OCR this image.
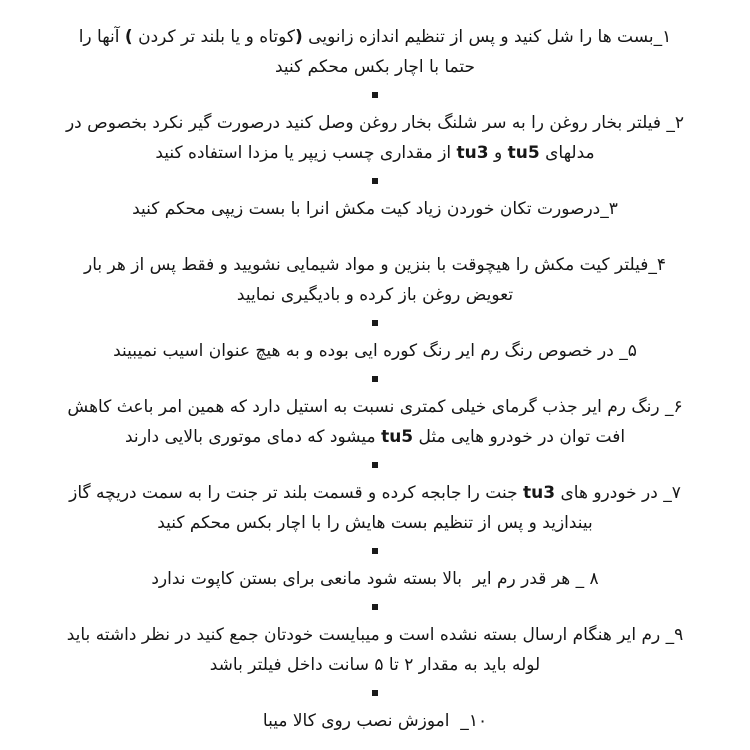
۱_بست ها را شل کنید و پس از تنظیم اندازه زانویی (کوتاه و یا بلند تر کردن ) آنها را

حتما با اچار بکس محکم کنید

۲_ فیلتر بخار روغن را به سر شلنگ بخار روغن وصل کنید درصورت گیر نکرد بخصوص در

مدلهای tu5 و tu3 از مقداری چسب زیپر یا مزدا استفاده کنید

۳_درصورت تکان خوردن زیاد کیت مکش انرا با بست زیپی محکم کنید

۴_فیلتر کیت مکش را هیچوقت با بنزین و مواد شیمایی نشویید و فقط پس از هر بار

تعویض روغن باز کرده و بادیگیری نمایید

۵_ در خصوص رنگ رم ایر رنگ کوره ایی بوده و به هیچ عنوان اسیب نمیبیند

۶_ رنگ رم ایر جذب گرمای خیلی کمتری نسبت به استیل دارد که همین امر باعث کاهش

افت توان در خودرو هایی مثل tu5 میشود که دمای موتوری بالایی دارند

۷_ در خودرو های tu3 جنت را جابجه کرده و قسمت بلند تر جنت را به سمت دریچه گاز

بیندازید و پس از تنظیم بست هایش را با اچار بکس محکم کنید

۸ _ هر قدر رم ایر  بالا بسته شود مانعی برای بستن کاپوت ندارد

۹_ رم ایر هنگام ارسال بسته نشده است و میبایست خودتان جمع کنید در نظر داشته باید

لوله باید به مقدار ۲ تا ۵ سانت داخل فیلتر باشد

۱۰_  اموزش نصب روی کالا میبا
